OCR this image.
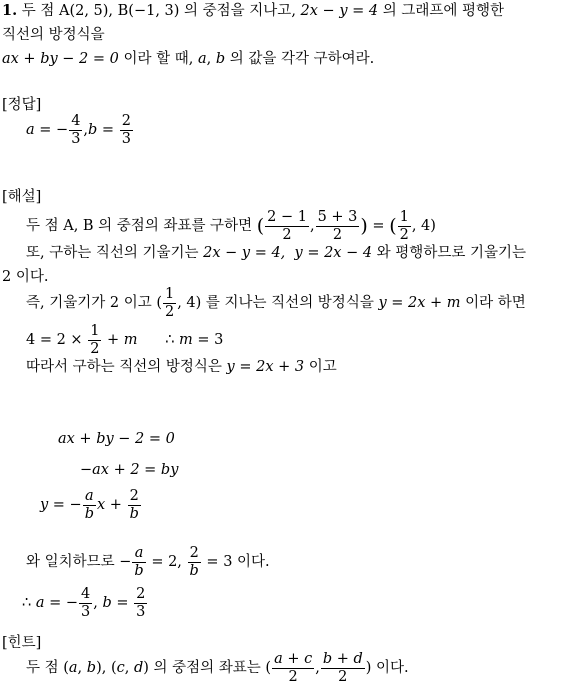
1. 두 점 A(2, 5), B(−1, 3) 의 중점을 지나고, 2x − y = 4 의 그래프에 평행한
직선의 방정식을
ax + by − 2 = 0 이라 할 때, a, b 의 값을 각각 구하여라.
[정답]
a = − $\frac{4}{3} ,b = \frac{2}{3}$
[해설]
두 점 A, B 의 중점의 좌표를 구하면 ( $\frac{2 - 1}{2}$ , $\frac{5 + 3}{2}$ ) = ( $\frac{1}{2}$ , 4)
또, 구하는 직선의 기울기는 2x − y = 4, y = 2x − 4 와 평행하므로 기울기는
2 이다.
즉, 기울기가 2 이고 ( $\frac{1}{2}$ , 4) 를 지나는 직선의 방정식을 y = 2x + m 이라 하면
$4 = 2 \times \frac{1}{2} + m$ ∴ m = 3
따라서 구하는 직선의 방정식은 y = 2x + 3 이고
ax + by − 2 = 0
−ax + 2 = by
y = − $\frac{a}{b}$ $x + \frac{2}{b}$
와 일치하므로 − $\frac{a}{b} = 2$, $\frac{2}{b} = 3$ 이다.
∴ a = − $\frac{4}{3}$ , $b = \frac{2}{3}$
[힌트]
두 점 (a, b), (c, d) 의 중점의 좌표는 ( $\frac{a + c}{2}$ , $\frac{b + d}{2}$ ) 이다.
